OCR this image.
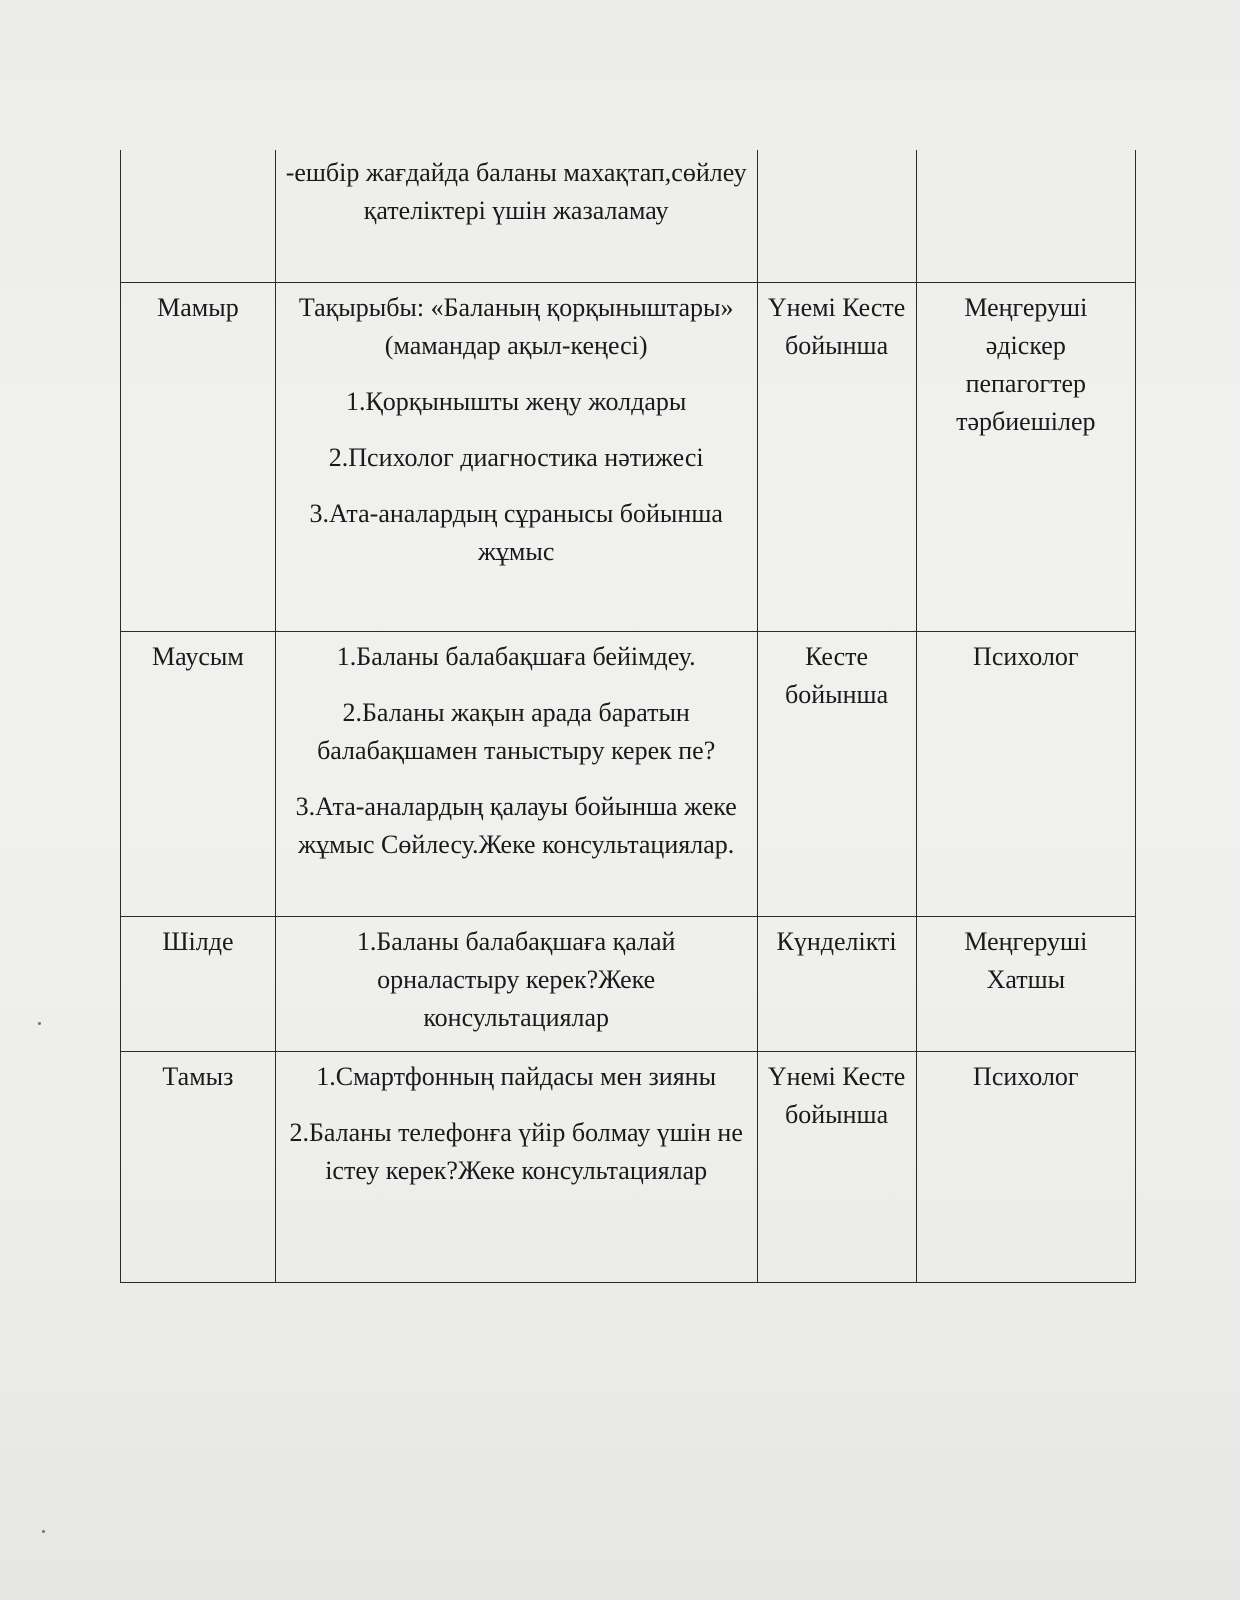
	-ешбір жағдайда баланы махақтап,сөйлеу қателіктері үшін жазаламау		

Мамыр	Тақырыбы: «Баланың қорқыныштары» (мамандар ақыл-кеңесі)
1.Қорқынышты жеңу жолдары
2.Психолог диагностика нәтижесі
3.Ата-аналардың сұранысы бойынша жұмыс	Үнемі Кесте бойынша	Меңгеруші әдіскер пепагогтер тәрбиешілер
Маусым	1.Баланы балабақшаға бейімдеу.
2.Баланы жақын арада баратын балабақшамен таныстыру керек пе?
3.Ата-аналардың қалауы бойынша жеке жұмыс Сөйлесу.Жеке консультациялар.	Кесте бойынша	Психолог
Шілде	1.Баланы балабақшаға қалай орналастыру керек?Жеке консультациялар	Күнделікті	Меңгеруші Хатшы
Тамыз	1.Смартфонның пайдасы мен зияны
2.Баланы телефонға үйір болмау үшін не істеу керек?Жеке консультациялар	Үнемі Кесте бойынша	Психолог
